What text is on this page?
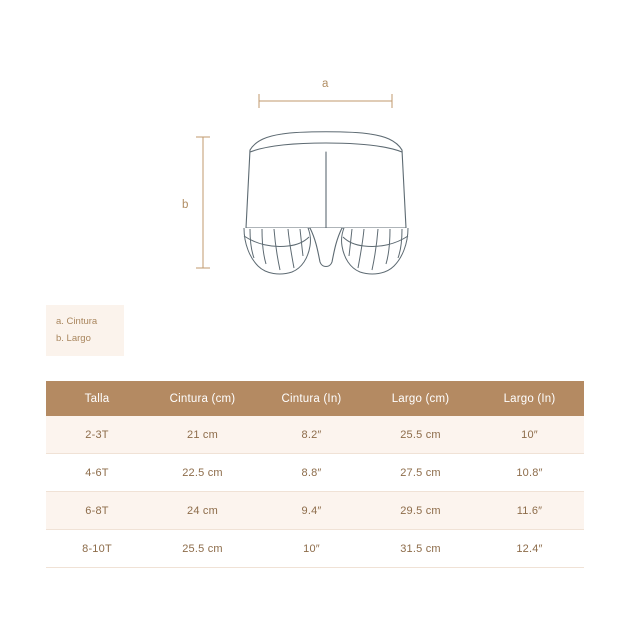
a
b
a. Cintura
b. Largo
Talla	Cintura (cm)	Cintura (In)	Largo (cm)	Largo (In)
2-3T	21 cm	8.2″	25.5 cm	10″
4-6T	22.5 cm	8.8″	27.5 cm	10.8″
6-8T	24 cm	9.4″	29.5 cm	11.6″
8-10T	25.5 cm	10″	31.5 cm	12.4″
